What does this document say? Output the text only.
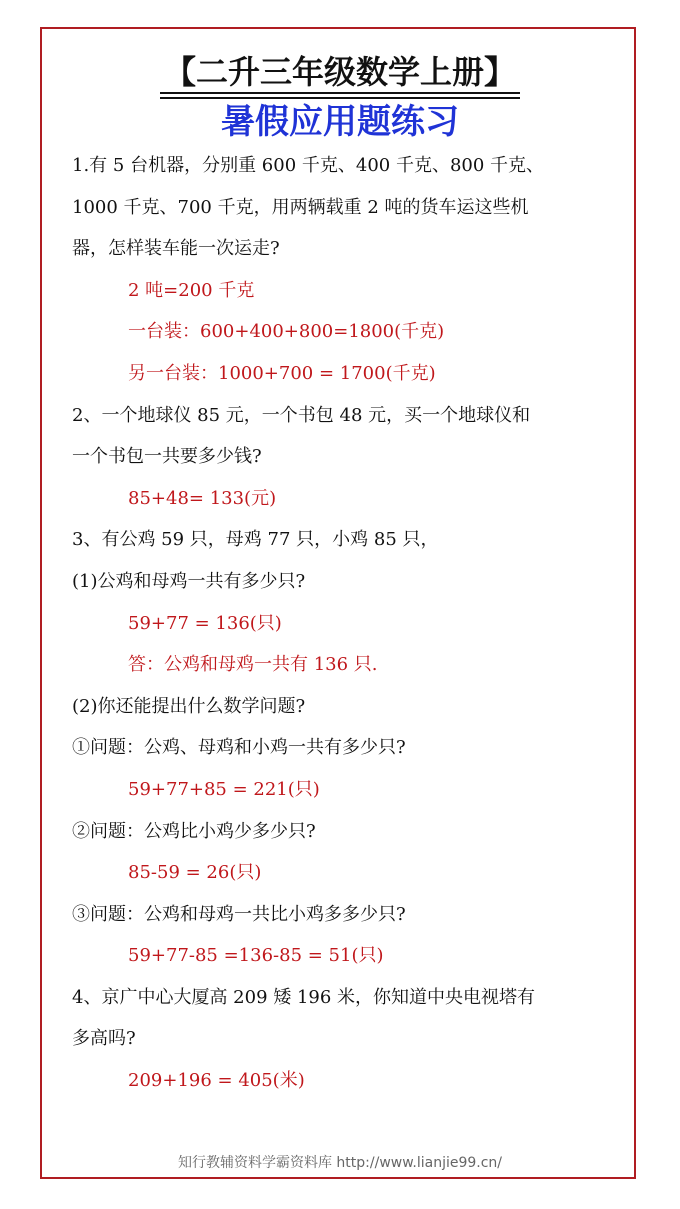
【二升三年级数学上册】
暑假应用题练习
1.有 5 台机器，分别重 600 千克、400 千克、800 千克、
1000 千克、700 千克，用两辆载重 2 吨的货车运这些机
器，怎样装车能一次运走?
2 吨=200 千克
一台装：600+400+800=1800(千克)
另一台装：1000+700 = 1700(千克)
2、一个地球仪 85 元，一个书包 48 元，买一个地球仪和
一个书包一共要多少钱?
85+48= 133(元)
3、有公鸡 59 只，母鸡 77 只，小鸡 85 只，
(1)公鸡和母鸡一共有多少只?
59+77 = 136(只)
答：公鸡和母鸡一共有 136 只.
(2)你还能提出什么数学问题?
①问题：公鸡、母鸡和小鸡一共有多少只?
59+77+85 = 221(只)
②问题：公鸡比小鸡少多少只?
85-59 = 26(只)
③问题：公鸡和母鸡一共比小鸡多多少只?
59+77-85 =136-85 = 51(只)
4、京广中心大厦高 209 矮 196 米，你知道中央电视塔有
多高吗?
209+196 = 405(米)
知行教辅资料学霸资料库 http://www.lianjie99.cn/
